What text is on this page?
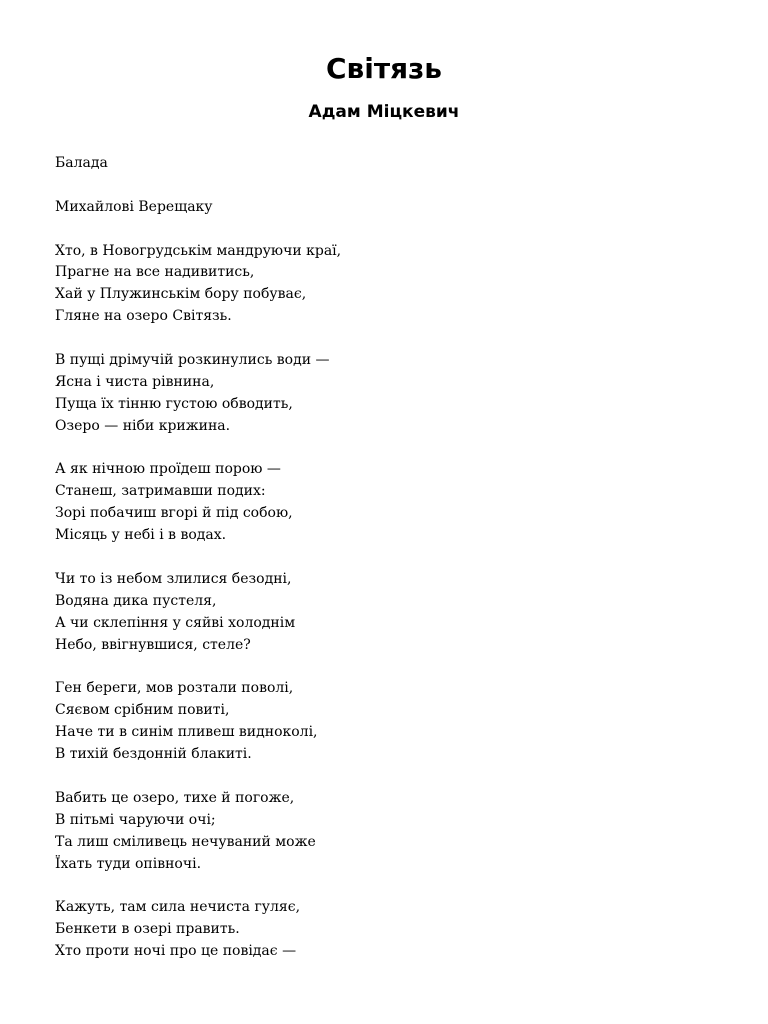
Світязь
Адам Міцкевич
Балада
Михайлові Верещаку
Хто, в Новогрудськім мандруючи краї,
Прагне на все надивитись,
Хай у Плужинськім бору побуває,
Гляне на озеро Світязь.
В пущі дрімучій розкинулись води —
Ясна і чиста рівнина,
Пуща їх тінню густою обводить,
Озеро — ніби крижина.
А як нічною проїдеш порою —
Станеш, затримавши подих:
Зорі побачиш вгорі й під собою,
Місяць у небі і в водах.
Чи то із небом злилися безодні,
Водяна дика пустеля,
А чи склепіння у сяйві холоднім
Небо, ввігнувшися, стеле?
Ген береги, мов розтали поволі,
Сяєвом срібним повиті,
Наче ти в синім пливеш видноколі,
В тихій бездонній блакиті.
Вабить це озеро, тихе й погоже,
В пітьмі чаруючи очі;
Та лиш сміливець нечуваний може
Їхать туди опівночі.
Кажуть, там сила нечиста гуляє,
Бенкети в озері править.
Хто проти ночі про це повідає —
